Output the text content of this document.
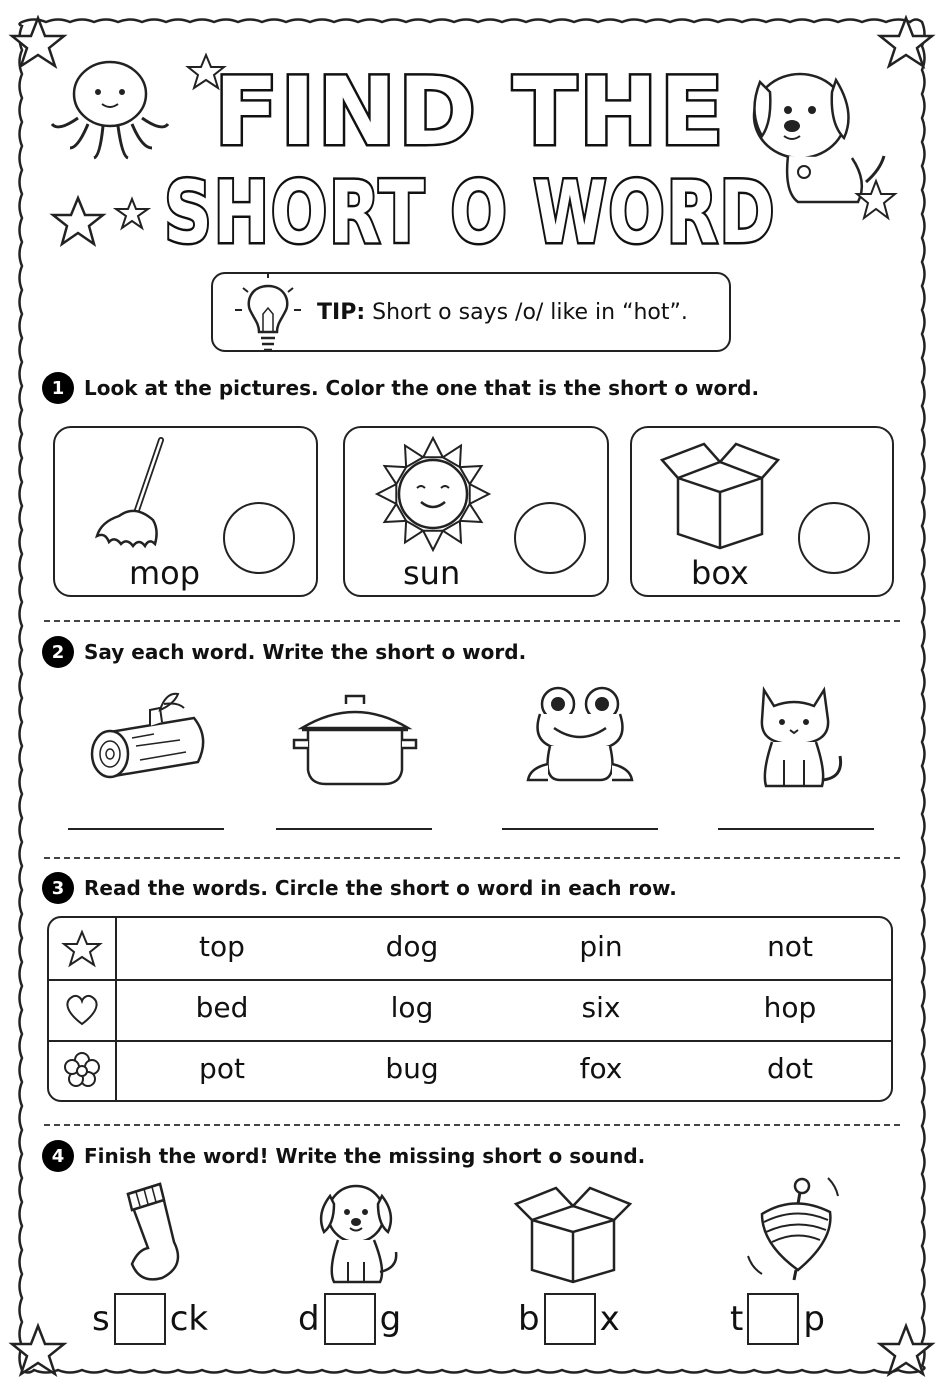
FIND THE
SHORT O WORD
TIP: Short o says /o/ like in “hot”.
1 Look at the pictures. Color the one that is the short o word.
mop	sun	box
2 Say each word. Write the short o word.
3 Read the words. Circle the short o word in each row.
top	dog	pin	not
bed	log	six	hop
pot	bug	fox	dot
4 Finish the word! Write the missing short o sound.
s ck	d g	b x	t p
